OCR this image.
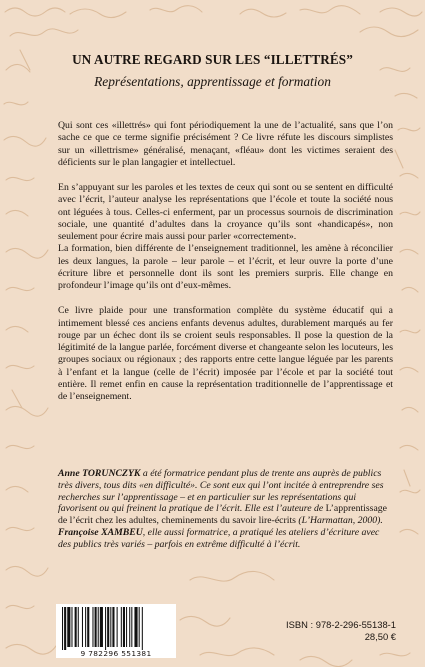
UN AUTRE REGARD SUR LES “ILLETTRÉS”
Représentations, apprentissage et formation

Qui sont ces «illettrés» qui font périodiquement la une de l’actualité, sans que l’on sache ce que ce terme signifie précisément ? Ce livre réfute les discours simplistes sur un «illettrisme» généralisé, menaçant, «fléau» dont les victimes seraient des déficients sur le plan langagier et intellectuel.

En s’appuyant sur les paroles et les textes de ceux qui sont ou se sentent en difficulté avec l’écrit, l’auteur analyse les représentations que l’école et toute la société nous ont léguées à tous. Celles-ci enferment, par un processus sournois de discrimination sociale, une quantité d’adultes dans la croyance qu’ils sont «handicapés», non seulement pour écrire mais aussi pour parler «correctement».

La formation, bien différente de l’enseignement traditionnel, les amène à réconcilier les deux langues, la parole – leur parole – et l’écrit, et leur ouvre la porte d’une écriture libre et personnelle dont ils sont les premiers surpris. Elle change en profondeur l’image qu’ils ont d’eux-mêmes.

Ce livre plaide pour une transformation complète du système éducatif qui a intimement blessé ces anciens enfants devenus adultes, durablement marqués au fer rouge par un échec dont ils se croient seuls responsables. Il pose la question de la légitimité de la langue parlée, forcément diverse et changeante selon les locuteurs, les groupes sociaux ou régionaux ; des rapports entre cette langue léguée par les parents à l’enfant et la langue (celle de l’écrit) imposée par l’école et par la société tout entière. Il remet enfin en cause la représentation traditionnelle de l’apprentissage et de l’enseignement.

Anne TORUNCZYK a été formatrice pendant plus de trente ans auprès de publics très divers, tous dits «en difficulté». Ce sont eux qui l’ont incitée à entreprendre ses recherches sur l’apprentissage – et en particulier sur les représentations qui favorisent ou qui freinent la pratique de l’écrit. Elle est l’auteure de L’apprentissage de l’écrit chez les adultes, cheminements du savoir lire-écrits (L’Harmattan, 2000).

Françoise XAMBEU, elle aussi formatrice, a pratiqué les ateliers d’écriture avec des publics très variés – parfois en extrême difficulté à l’écrit.

9 782296 551381
ISBN : 978-2-296-55138-1
28,50 €
